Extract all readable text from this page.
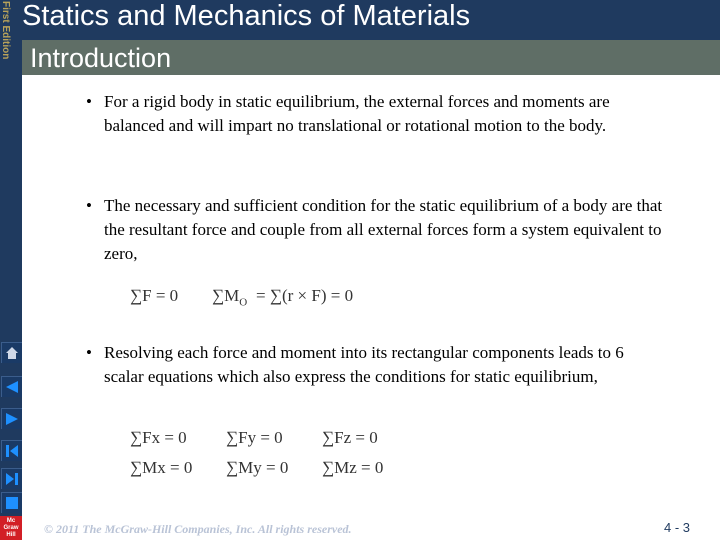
First Edition
Mc
Graw
Hill
Statics and Mechanics of Materials
Introduction
• For a rigid body in static equilibrium, the external forces and moments are balanced and will impart no translational or rotational motion to the body.
• The necessary and sufficient condition for the static equilibrium of a body are that the resultant force and couple from all external forces form a system equivalent to zero,
∑F = 0 $\sum M_O = \sum(r \times F) = 0$
• Resolving each force and moment into its rectangular components leads to 6 scalar equations which also express the conditions for static equilibrium,
∑Fx = 0 ∑Fy = 0 ∑Fz = 0
∑Mx = 0 ∑My = 0 ∑Mz = 0
© 2011 The McGraw-Hill Companies, Inc. All rights reserved.	4 - 3
